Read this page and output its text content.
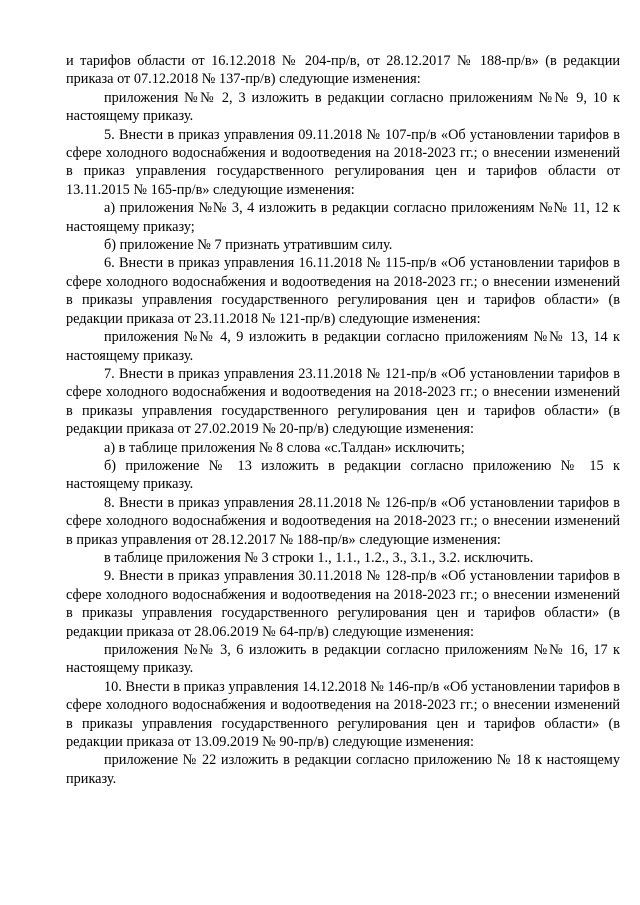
и тарифов области от 16.12.2018 № 204-пр/в, от 28.12.2017 № 188-пр/в» (в редакции приказа от 07.12.2018 № 137-пр/в) следующие изменения:

приложения №№ 2, 3 изложить в редакции согласно приложениям №№ 9, 10 к настоящему приказу.

5. Внести в приказ управления 09.11.2018 № 107-пр/в «Об установлении тарифов в сфере холодного водоснабжения и водоотведения на 2018-2023 гг.; о внесении изменений в приказ управления государственного регулирования цен и тарифов области от 13.11.2015 № 165-пр/в» следующие изменения:

а) приложения №№ 3, 4 изложить в редакции согласно приложениям №№ 11, 12 к настоящему приказу;

б) приложение № 7 признать утратившим силу.

6. Внести в приказ управления 16.11.2018 № 115-пр/в «Об установлении тарифов в сфере холодного водоснабжения и водоотведения на 2018-2023 гг.; о внесении изменений в приказы управления государственного регулирования цен и тарифов области» (в редакции приказа от 23.11.2018 № 121-пр/в) следующие изменения:

приложения №№ 4, 9 изложить в редакции согласно приложениям №№ 13, 14 к настоящему приказу.

7. Внести в приказ управления 23.11.2018 № 121-пр/в «Об установлении тарифов в сфере холодного водоснабжения и водоотведения на 2018-2023 гг.; о внесении изменений в приказы управления государственного регулирования цен и тарифов области» (в редакции приказа от 27.02.2019 № 20-пр/в) следующие изменения:

а) в таблице приложения № 8 слова «с.Талдан» исключить;

б) приложение № 13 изложить в редакции согласно приложению № 15 к настоящему приказу.

8. Внести в приказ управления 28.11.2018 № 126-пр/в «Об установлении тарифов в сфере холодного водоснабжения и водоотведения на 2018-2023 гг.; о внесении изменений в приказ управления от 28.12.2017 № 188-пр/в» следующие изменения:

в таблице приложения № 3 строки 1., 1.1., 1.2., 3., 3.1., 3.2. исключить.

9. Внести в приказ управления 30.11.2018 № 128-пр/в «Об установлении тарифов в сфере холодного водоснабжения и водоотведения на 2018-2023 гг.; о внесении изменений в приказы управления государственного регулирования цен и тарифов области» (в редакции приказа от 28.06.2019 № 64-пр/в) следующие изменения:

приложения №№ 3, 6 изложить в редакции согласно приложениям №№ 16, 17 к настоящему приказу.

10. Внести в приказ управления 14.12.2018 № 146-пр/в «Об установлении тарифов в сфере холодного водоснабжения и водоотведения на 2018-2023 гг.; о внесении изменений в приказы управления государственного регулирования цен и тарифов области» (в редакции приказа от 13.09.2019 № 90-пр/в) следующие изменения:

приложение № 22 изложить в редакции согласно приложению № 18 к настоящему приказу.
